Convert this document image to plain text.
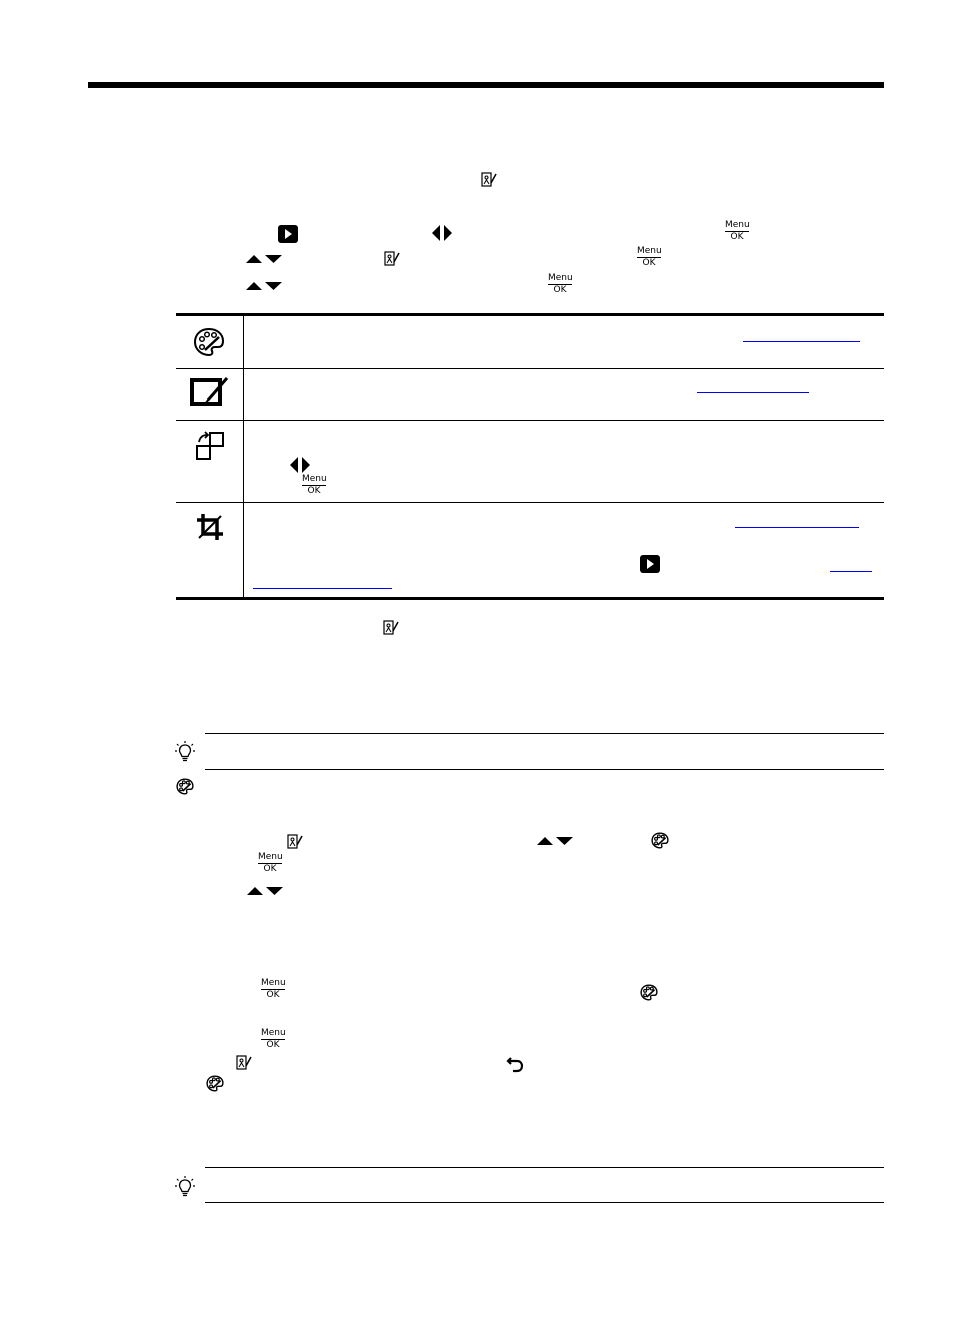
Menu
OK
Menu
OK
Menu
OK
Menu
OK
Menu
OK
Menu
OK
Menu
OK
